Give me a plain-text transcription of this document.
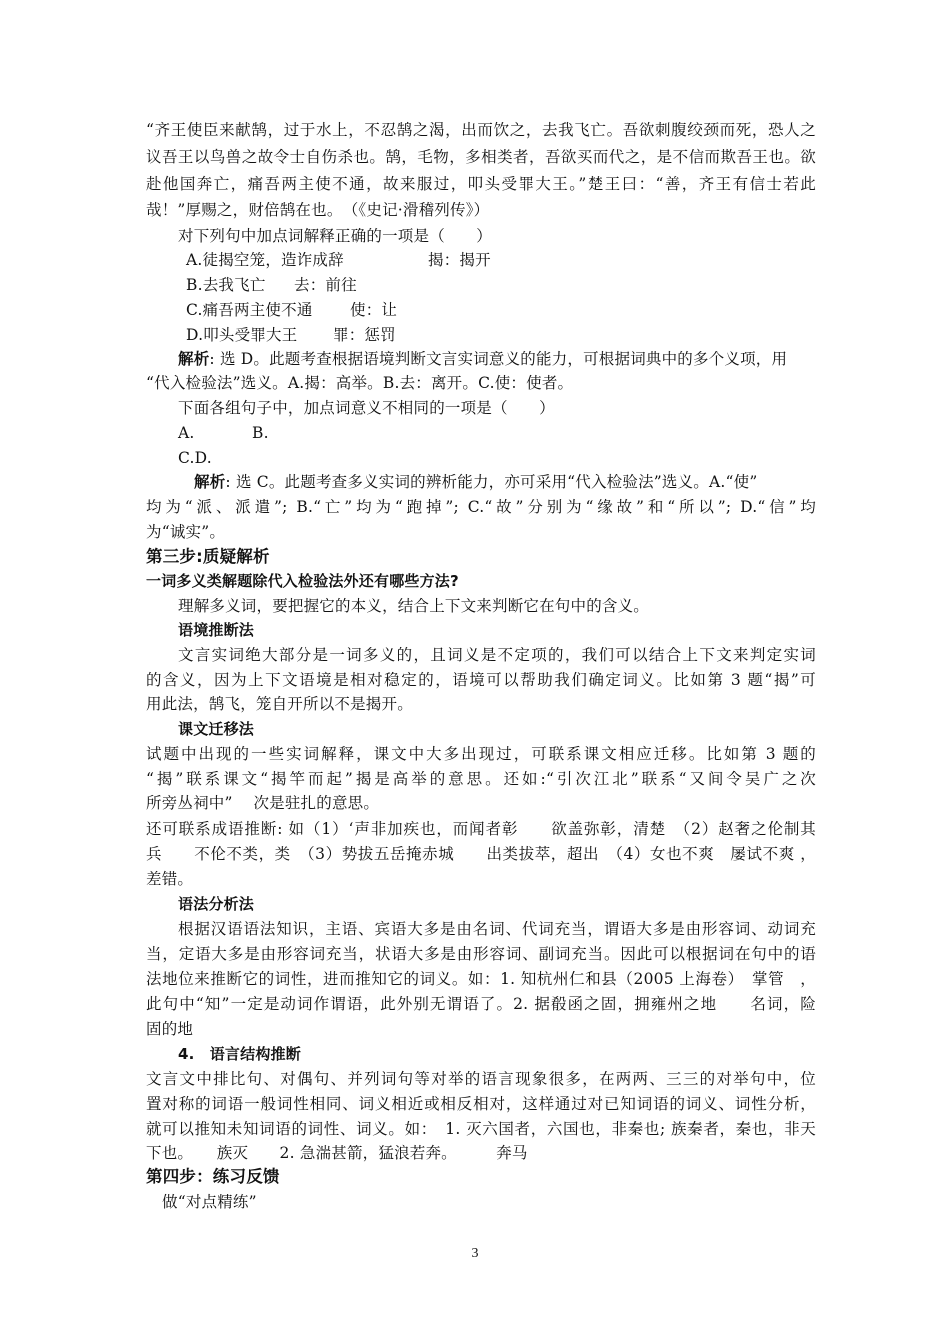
“齐王使臣来献鹄，过于水上，不忍鹄之渴，出而饮之，去我飞亡。吾欲刺腹绞颈而死，恐人之
议吾王以鸟兽之故令士自伤杀也。鹄，毛物，多相类者，吾欲买而代之，是不信而欺吾王也。欲
赴他国奔亡，痛吾两主使不通，故来服过，叩头受罪大王。”楚王曰：“善，齐王有信士若此
哉！”厚赐之，财倍鹄在也。　（《史记·滑稽列传》）
对下列句中加点词解释正确的一项是（　　）
A.徒揭空笼，造诈成辞	揭：揭开
B.去我飞亡 去：前往
C.痛吾两主使不通 使：让
D.叩头受罪大王 罪：惩罚
解析: 选 D。此题考查根据语境判断文言实词意义的能力，可根据词典中的多个义项，用
“代入检验法”选义。A.揭：高举。B.去：离开。C.使：使者。
下面各组句子中，加点词意义不相同的一项是（　　）
A.	B.
C.D.
解析: 选 C。此题考查多义实词的辨析能力，亦可采用“代入检验法”选义。A.“使”
均为“派、派遣”; B.“亡”均为“跑掉”; C.“故”分别为“缘故”和“所以”; D.“信”均
为“诚实”。
第三步:质疑解析
一词多义类解题除代入检验法外还有哪些方法?
理解多义词，要把握它的本义，结合上下文来判断它在句中的含义。
语境推断法
文言实词绝大部分是一词多义的，且词义是不定项的，我们可以结合上下文来判定实词
的含义，因为上下文语境是相对稳定的，语境可以帮助我们确定词义。比如第 3 题“揭”可
用此法，鹄飞，笼自开所以不是揭开。
课文迁移法
试题中出现的一些实词解释，课文中大多出现过，可联系课文相应迁移。比如第 3 题的
“揭”联系课文“揭竿而起”揭是高举的意思。还如:“引次江北”联系“又间令吴广之次
所旁丛祠中”　 次是驻扎的意思。
还可联系成语推断: 如（1）‘声非加疾也，而闻者彰　　欲盖弥彰，清楚　（2）赵奢之伦制其
兵　　不伦不类，类　（3）势拔五岳掩赤城　　出类拔萃，超出　（4）女也不爽　屡试不爽 ，
差错。
语法分析法
根据汉语语法知识，主语、宾语大多是由名词、代词充当，谓语大多是由形容词、动词充
当，定语大多是由形容词充当，状语大多是由形容词、副词充当。因此可以根据词在句中的语
法地位来推断它的词性，进而推知它的词义。如：1. 知杭州仁和县（2005 上海卷）　掌管　，
此句中“知”一定是动词作谓语，此外别无谓语了。2. 据殽函之固，拥雍州之地　　名词，险
固的地
4.　语言结构推断
文言文中排比句、对偶句、并列词句等对举的语言现象很多，在两两、三三的对举句中，位
置对称的词语一般词性相同、词义相近或相反相对，这样通过对已知词语的词义、词性分析，
就可以推知未知词语的词性、词义。如：　1. 灭六国者，六国也，非秦也; 族秦者，秦也，非天
下也。　　族灭　　2. 急湍甚箭，猛浪若奔。　　　奔马
第四步：练习反馈
做“对点精练”
3
